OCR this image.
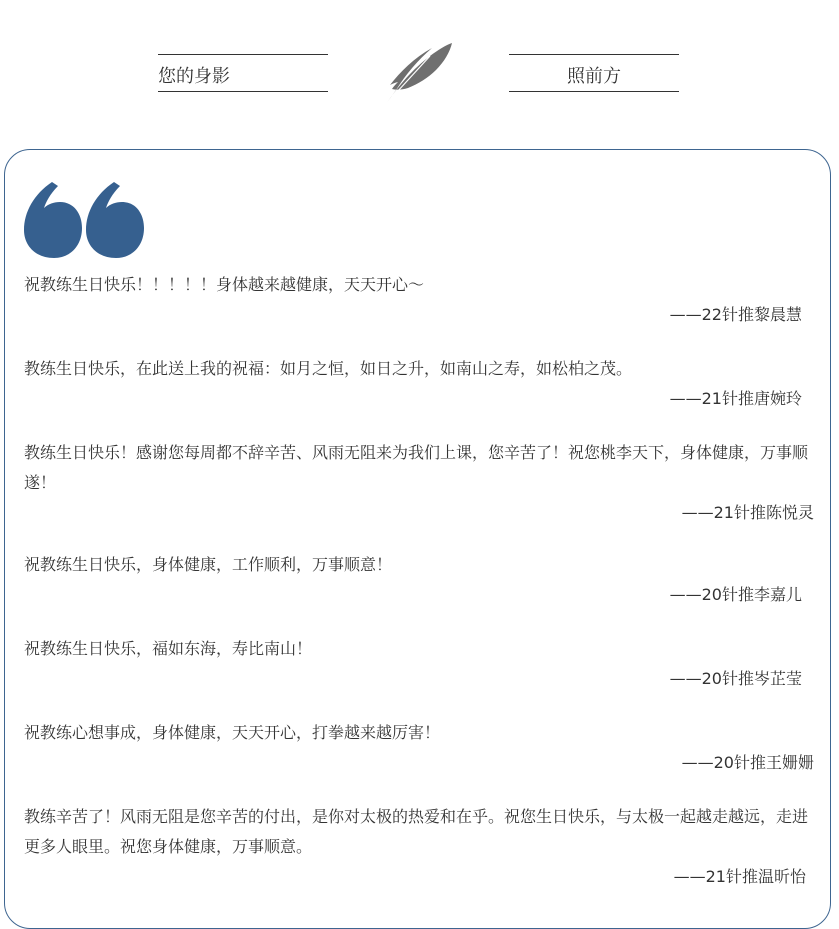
您的身影	照前方

祝教练生日快乐！！！！！身体越来越健康，天天开心～

——22针推黎晨慧

教练生日快乐，在此送上我的祝福：如月之恒，如日之升，如南山之寿，如松柏之茂。

——21针推唐婉玲

教练生日快乐！感谢您每周都不辞辛苦、风雨无阻来为我们上课，您辛苦了！祝您桃李天下，身体健康，万事顺遂！

——21针推陈悦灵

祝教练生日快乐，身体健康，工作顺利，万事顺意！

——20针推李嘉儿

祝教练生日快乐，福如东海，寿比南山！

——20针推岑芷莹

祝教练心想事成，身体健康，天天开心，打拳越来越厉害！

——20针推王姗姗

教练辛苦了！风雨无阻是您辛苦的付出，是你对太极的热爱和在乎。祝您生日快乐，与太极一起越走越远，走进更多人眼里。祝您身体健康，万事顺意。

——21针推温昕怡
